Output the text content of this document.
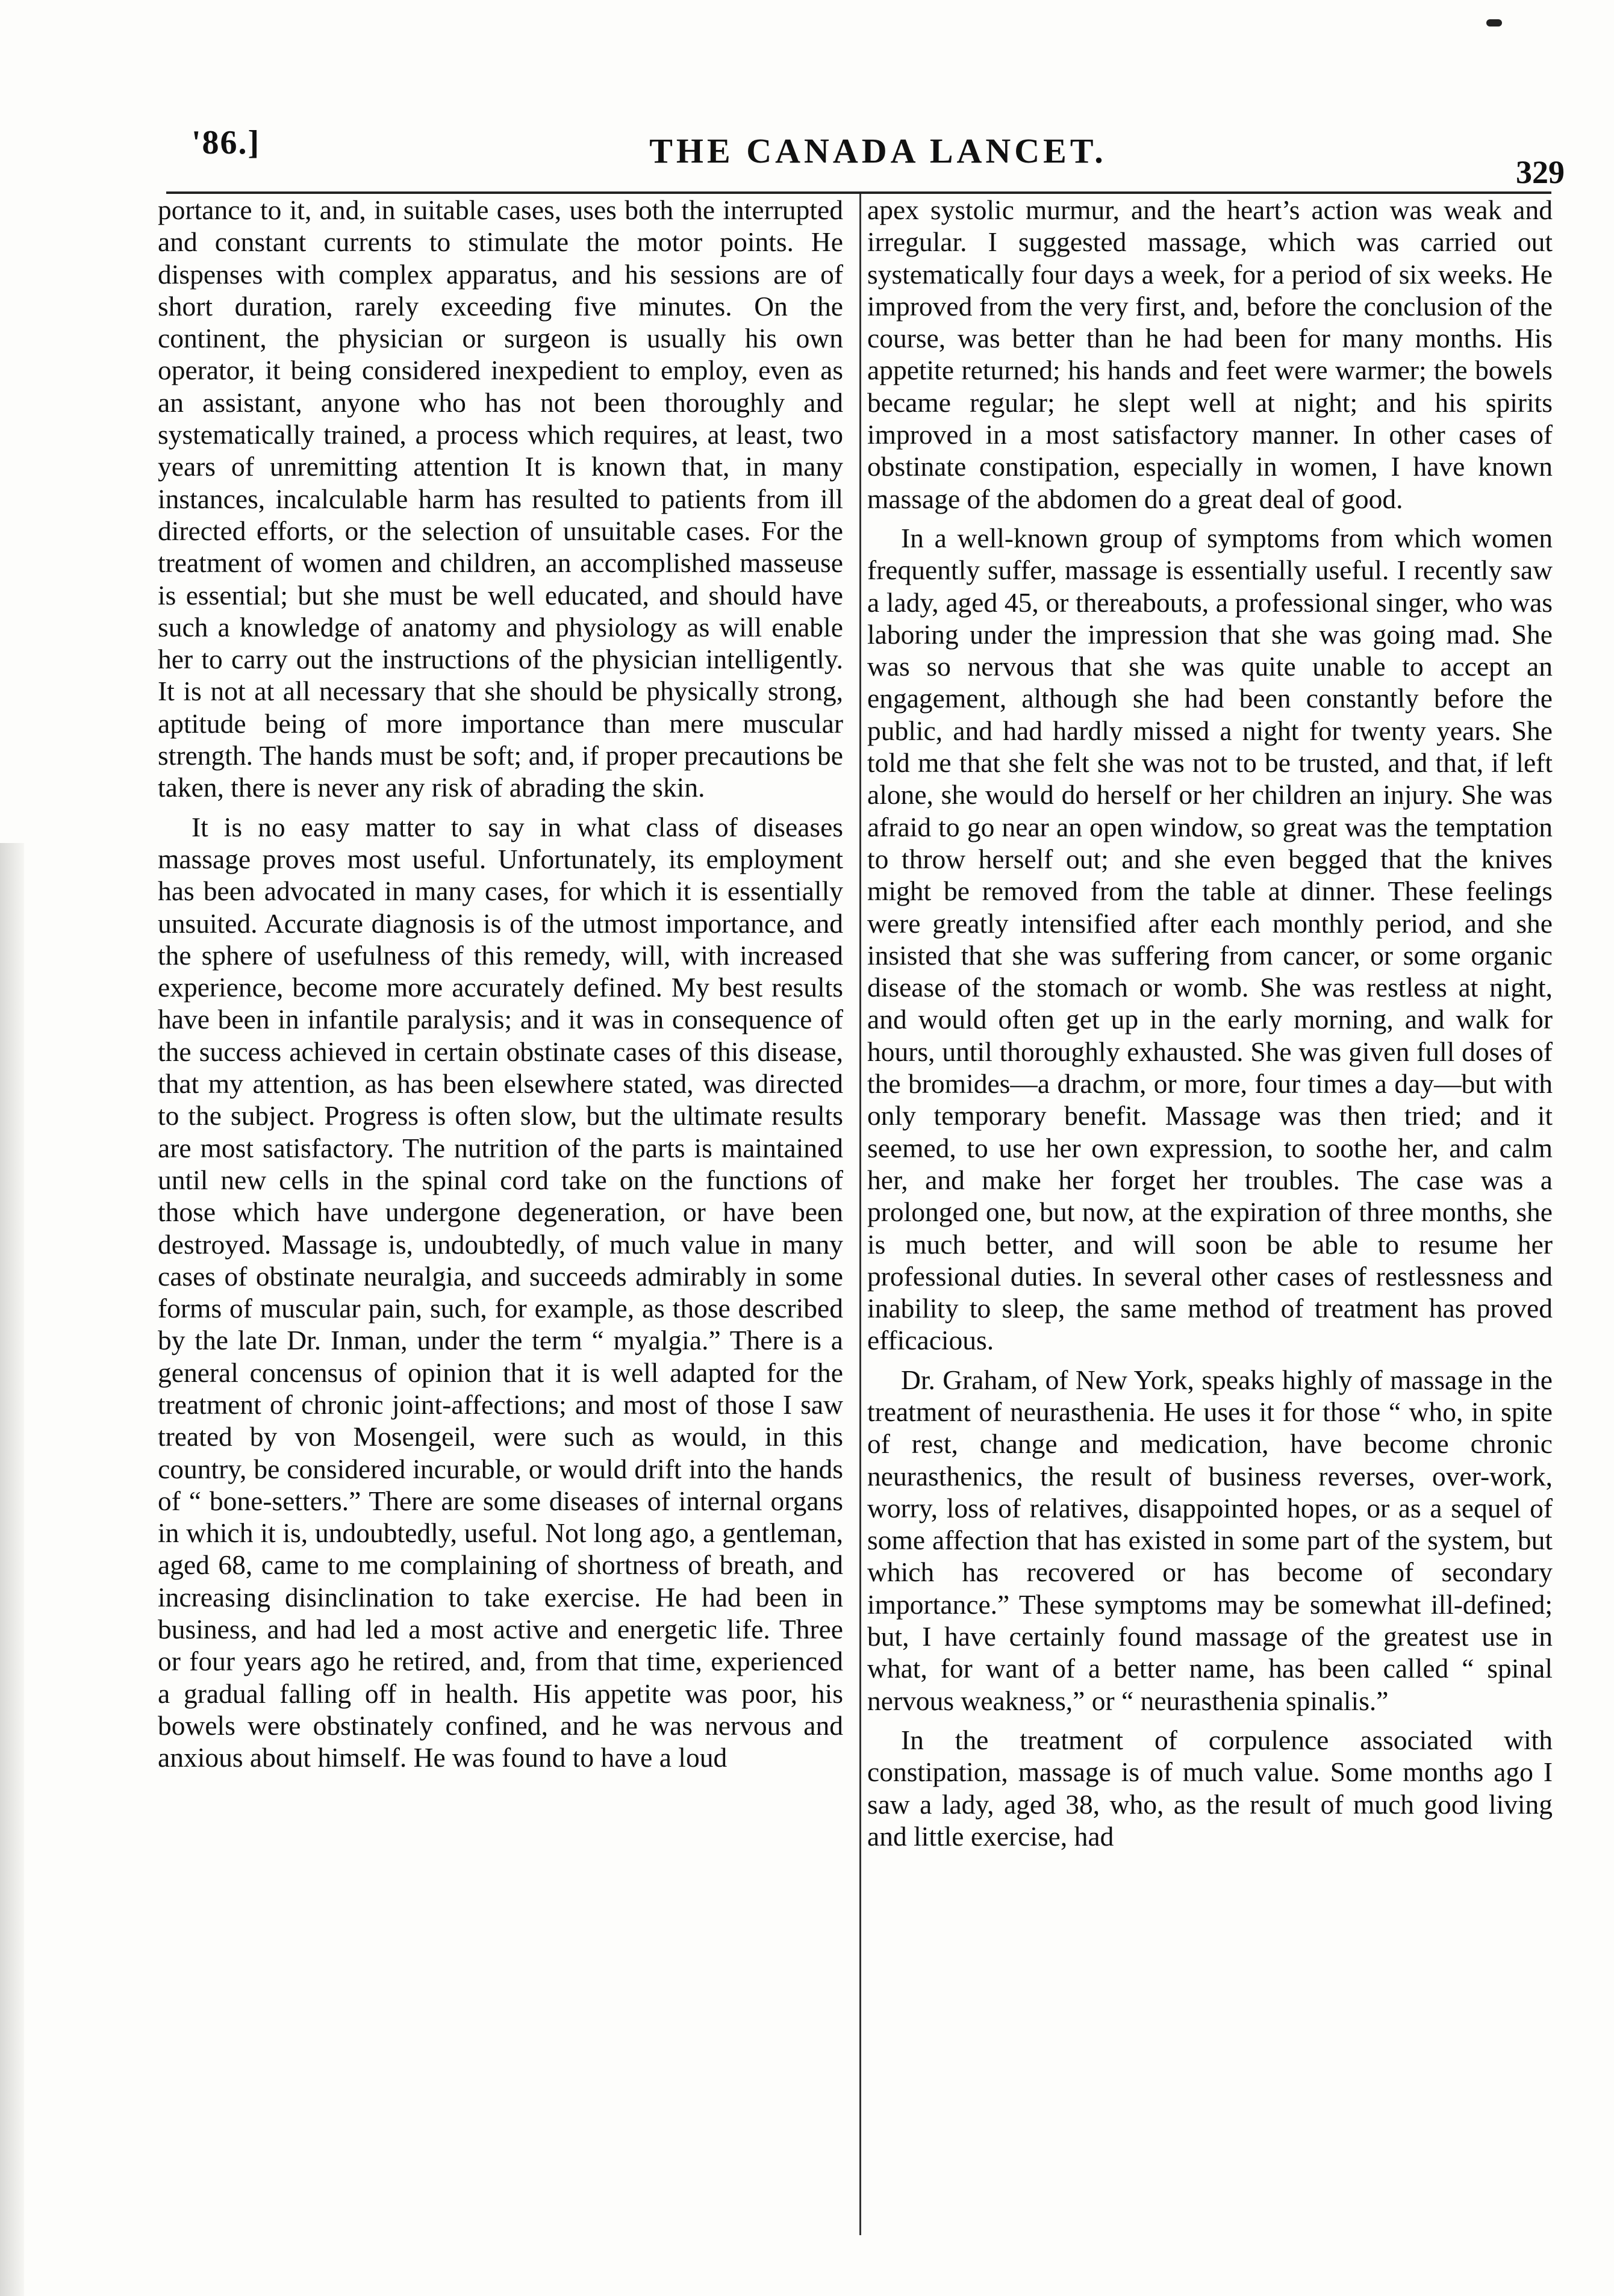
'86.]	THE CANADA LANCET.
329

portance to it, and, in suitable cases, uses both the interrupted and constant currents to stimulate the motor points. He dispenses with complex apparatus, and his sessions are of short duration, rarely exceeding five minutes. On the continent, the physician or surgeon is usually his own operator, it being considered inexpedient to employ, even as an assistant, anyone who has not been thoroughly and systematically trained, a process which requires, at least, two years of unremitting attention It is known that, in many instances, incalculable harm has resulted to patients from ill directed efforts, or the selection of unsuitable cases. For the treatment of women and children, an accomplished masseuse is essential; but she must be well educated, and should have such a knowledge of anatomy and physiology as will enable her to carry out the instructions of the physician intelligently. It is not at all necessary that she should be physically strong, aptitude being of more importance than mere muscular strength. The hands must be soft; and, if proper precautions be taken, there is never any risk of abrading the skin.

It is no easy matter to say in what class of diseases massage proves most useful. Unfortunately, its employment has been advocated in many cases, for which it is essentially unsuited. Accurate diagnosis is of the utmost importance, and the sphere of usefulness of this remedy, will, with increased experience, become more accurately defined. My best results have been in infantile paralysis; and it was in consequence of the success achieved in certain obstinate cases of this disease, that my attention, as has been elsewhere stated, was directed to the subject. Progress is often slow, but the ultimate results are most satisfactory. The nutrition of the parts is maintained until new cells in the spinal cord take on the functions of those which have undergone degeneration, or have been destroyed. Massage is, undoubtedly, of much value in many cases of obstinate neuralgia, and succeeds admirably in some forms of muscular pain, such, for example, as those described by the late Dr. Inman, under the term “ myalgia.” There is a general concensus of opinion that it is well adapted for the treatment of chronic joint-affections; and most of those I saw treated by von Mosengeil, were such as would, in this country, be considered incurable, or would drift into the hands of “ bone-setters.” There are some diseases of internal organs in which it is, undoubtedly, useful. Not long ago, a gentleman, aged 68, came to me complaining of shortness of breath, and increasing disinclination to take exercise. He had been in business, and had led a most active and energetic life. Three or four years ago he retired, and, from that time, experienced a gradual falling off in health. His appetite was poor, his bowels were obstinately confined, and he was nervous and anxious about himself. He was found to have a loud

apex systolic murmur, and the heart’s action was weak and irregular. I suggested massage, which was carried out systematically four days a week, for a period of six weeks. He improved from the very first, and, before the conclusion of the course, was better than he had been for many months. His appetite returned; his hands and feet were warmer; the bowels became regular; he slept well at night; and his spirits improved in a most satisfactory manner. In other cases of obstinate constipation, especially in women, I have known massage of the abdomen do a great deal of good.

In a well-known group of symptoms from which women frequently suffer, massage is essentially useful. I recently saw a lady, aged 45, or thereabouts, a professional singer, who was laboring under the impression that she was going mad. She was so nervous that she was quite unable to accept an engagement, although she had been constantly before the public, and had hardly missed a night for twenty years. She told me that she felt she was not to be trusted, and that, if left alone, she would do herself or her children an injury. She was afraid to go near an open window, so great was the temptation to throw herself out; and she even begged that the knives might be removed from the table at dinner. These feelings were greatly intensified after each monthly period, and she insisted that she was suffering from cancer, or some organic disease of the stomach or womb. She was restless at night, and would often get up in the early morning, and walk for hours, until thoroughly exhausted. She was given full doses of the bromides—a drachm, or more, four times a day—but with only temporary benefit. Massage was then tried; and it seemed, to use her own expression, to soothe her, and calm her, and make her forget her troubles. The case was a prolonged one, but now, at the expiration of three months, she is much better, and will soon be able to resume her professional duties. In several other cases of restlessness and inability to sleep, the same method of treatment has proved efficacious.

Dr. Graham, of New York, speaks highly of massage in the treatment of neurasthenia. He uses it for those “ who, in spite of rest, change and medication, have become chronic neurasthenics, the result of business reverses, over-work, worry, loss of relatives, disappointed hopes, or as a sequel of some affection that has existed in some part of the system, but which has recovered or has become of secondary importance.” These symptoms may be somewhat ill-defined; but, I have certainly found massage of the greatest use in what, for want of a better name, has been called “ spinal nervous weakness,” or “ neurasthenia spinalis.”

In the treatment of corpulence associated with constipation, massage is of much value. Some months ago I saw a lady, aged 38, who, as the result of much good living and little exercise, had
